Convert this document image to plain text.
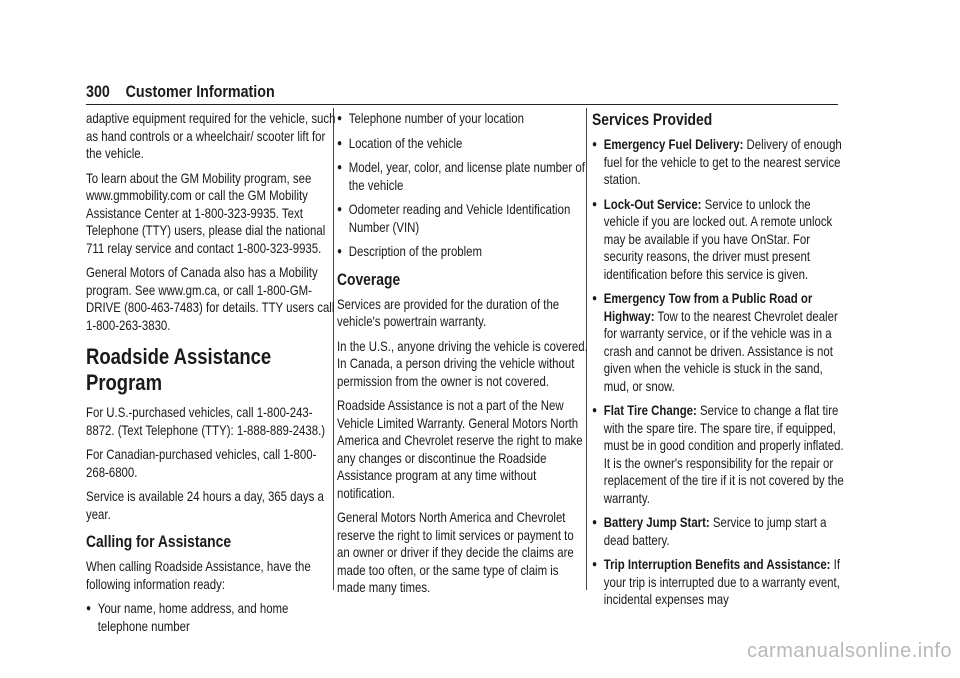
300 Customer Information

adaptive equipment required for the vehicle, such as hand controls or a wheelchair/ scooter lift for the vehicle.

To learn about the GM Mobility program, see www.gmmobility.com or call the GM Mobility Assistance Center at 1-800-323-9935. Text Telephone (TTY) users, please dial the national 711 relay service and contact 1-800-323-9935.

General Motors of Canada also has a Mobility program. See www.gm.ca, or call 1-800-GM-DRIVE (800-463-7483) for details. TTY users call 1-800-263-3830.

Roadside Assistance Program

For U.S.-purchased vehicles, call 1-800-243-8872. (Text Telephone (TTY): 1-888-889-2438.)

For Canadian-purchased vehicles, call 1-800-268-6800.

Service is available 24 hours a day, 365 days a year.

Calling for Assistance

When calling Roadside Assistance, have the following information ready:

● Your name, home address, and home telephone number
● Telephone number of your location
● Location of the vehicle
● Model, year, color, and license plate number of the vehicle
● Odometer reading and Vehicle Identification Number (VIN)
● Description of the problem
Coverage

Services are provided for the duration of the vehicle's powertrain warranty.

In the U.S., anyone driving the vehicle is covered. In Canada, a person driving the vehicle without permission from the owner is not covered.

Roadside Assistance is not a part of the New Vehicle Limited Warranty. General Motors North America and Chevrolet reserve the right to make any changes or discontinue the Roadside Assistance program at any time without notification.

General Motors North America and Chevrolet reserve the right to limit services or payment to an owner or driver if they decide the claims are made too often, or the same type of claim is made many times.

Services Provided
● Emergency Fuel Delivery: Delivery of enough fuel for the vehicle to get to the nearest service station.
● Lock-Out Service: Service to unlock the vehicle if you are locked out. A remote unlock may be available if you have OnStar. For security reasons, the driver must present identification before this service is given.
● Emergency Tow from a Public Road or Highway: Tow to the nearest Chevrolet dealer for warranty service, or if the vehicle was in a crash and cannot be driven. Assistance is not given when the vehicle is stuck in the sand, mud, or snow.
● Flat Tire Change: Service to change a flat tire with the spare tire. The spare tire, if equipped, must be in good condition and properly inflated. It is the owner's responsibility for the repair or replacement of the tire if it is not covered by the warranty.
● Battery Jump Start: Service to jump start a dead battery.
● Trip Interruption Benefits and Assistance: If your trip is interrupted due to a warranty event, incidental expenses may
carmanualsonline.info
